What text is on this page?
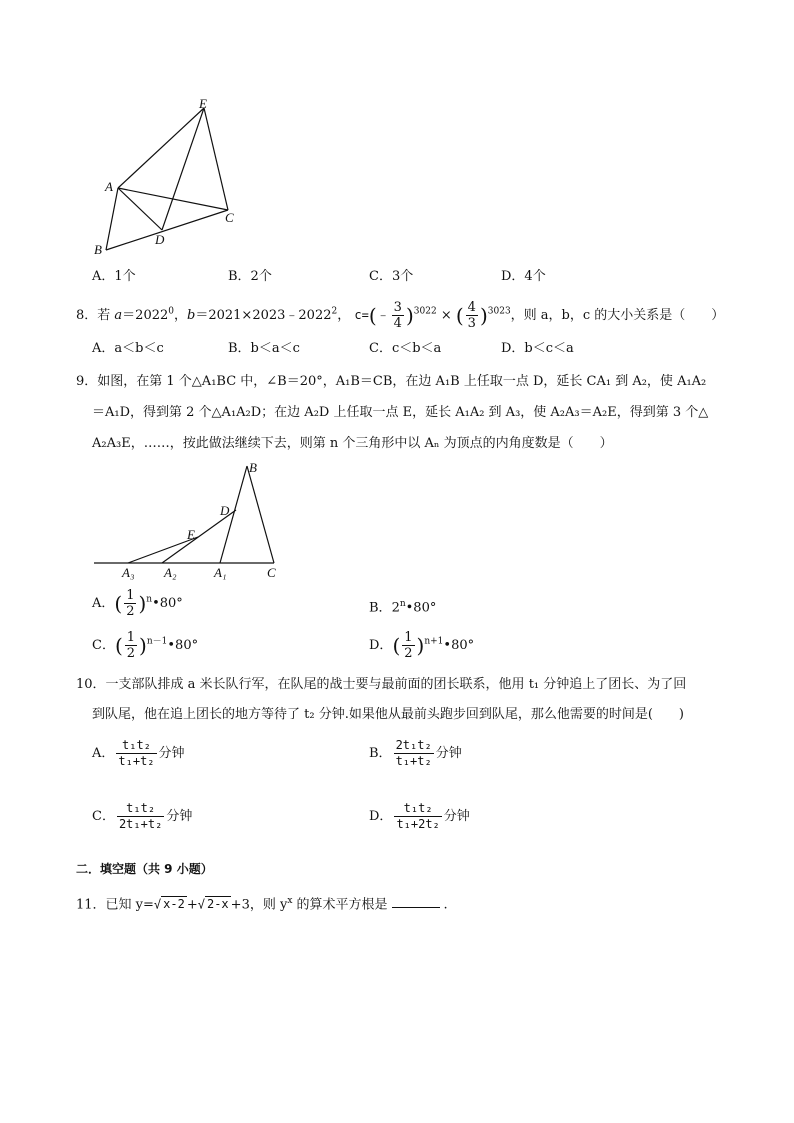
E
A
C
D
B
A．1个	B．2个	C．3个	D．4个
8．若 $a=2022^0$，$b=2021\times 2023﹣2022^2$， c=(﹣ $\frac{3}{4} )^{3022}$ × ( $\frac{4}{3} )^{3023}$，则 a，b，c 的大小关系是（　　）
A．a＜b＜c	B．b＜a＜c	C．c＜b＜a	D．b＜c＜a
9．如图，在第 1 个△A₁BC 中，∠B＝20°，A₁B＝CB，在边 A₁B 上任取一点 D，延长 CA₁ 到 A₂，使 A₁A₂
＝A₁D，得到第 2 个△A₁A₂D；在边 A₂D 上任取一点 E，延长 A₁A₂ 到 A₃，使 A₂A₃＝A₂E，得到第 3 个△
A₂A₃E，……，按此做法继续下去，则第 n 个三角形中以 Aₙ 为顶点的内角度数是（　　）
B
D
E
A₃ A₂	A₁	C
A．( $\frac{1}{2}$ )$^n$•80°	B．2$^n$•80°
C．( $\frac{1}{2}$ )$^{n-1}$•80°	D．( $\frac{1}{2}$ )$^{n+1}$•80°
10．一支部队排成 a 米长队行军，在队尾的战士要与最前面的团长联系，他用 t₁ 分钟追上了团长、为了回
到队尾，他在追上团长的地方等待了 t₂ 分钟.如果他从最前头跑步回到队尾，那么他需要的时间是(　　)
A． $\frac{\text{t₁t₂}}{\text{t₁+t₂}}$ 分钟	B． $\frac{\text{2t₁t₂}}{\text{t₁+t₂}}$ 分钟
C． $\frac{\text{t₁t₂}}{\text{2t₁+t₂}}$ 分钟	D． $\frac{\text{t₁t₂}}{\text{t₁+2t₂}}$ 分钟
二．填空题（共 9 小题）
11．已知 y=√ x-2 +√ 2-x +3，则 $y^x$ 的算术平方根是	.
